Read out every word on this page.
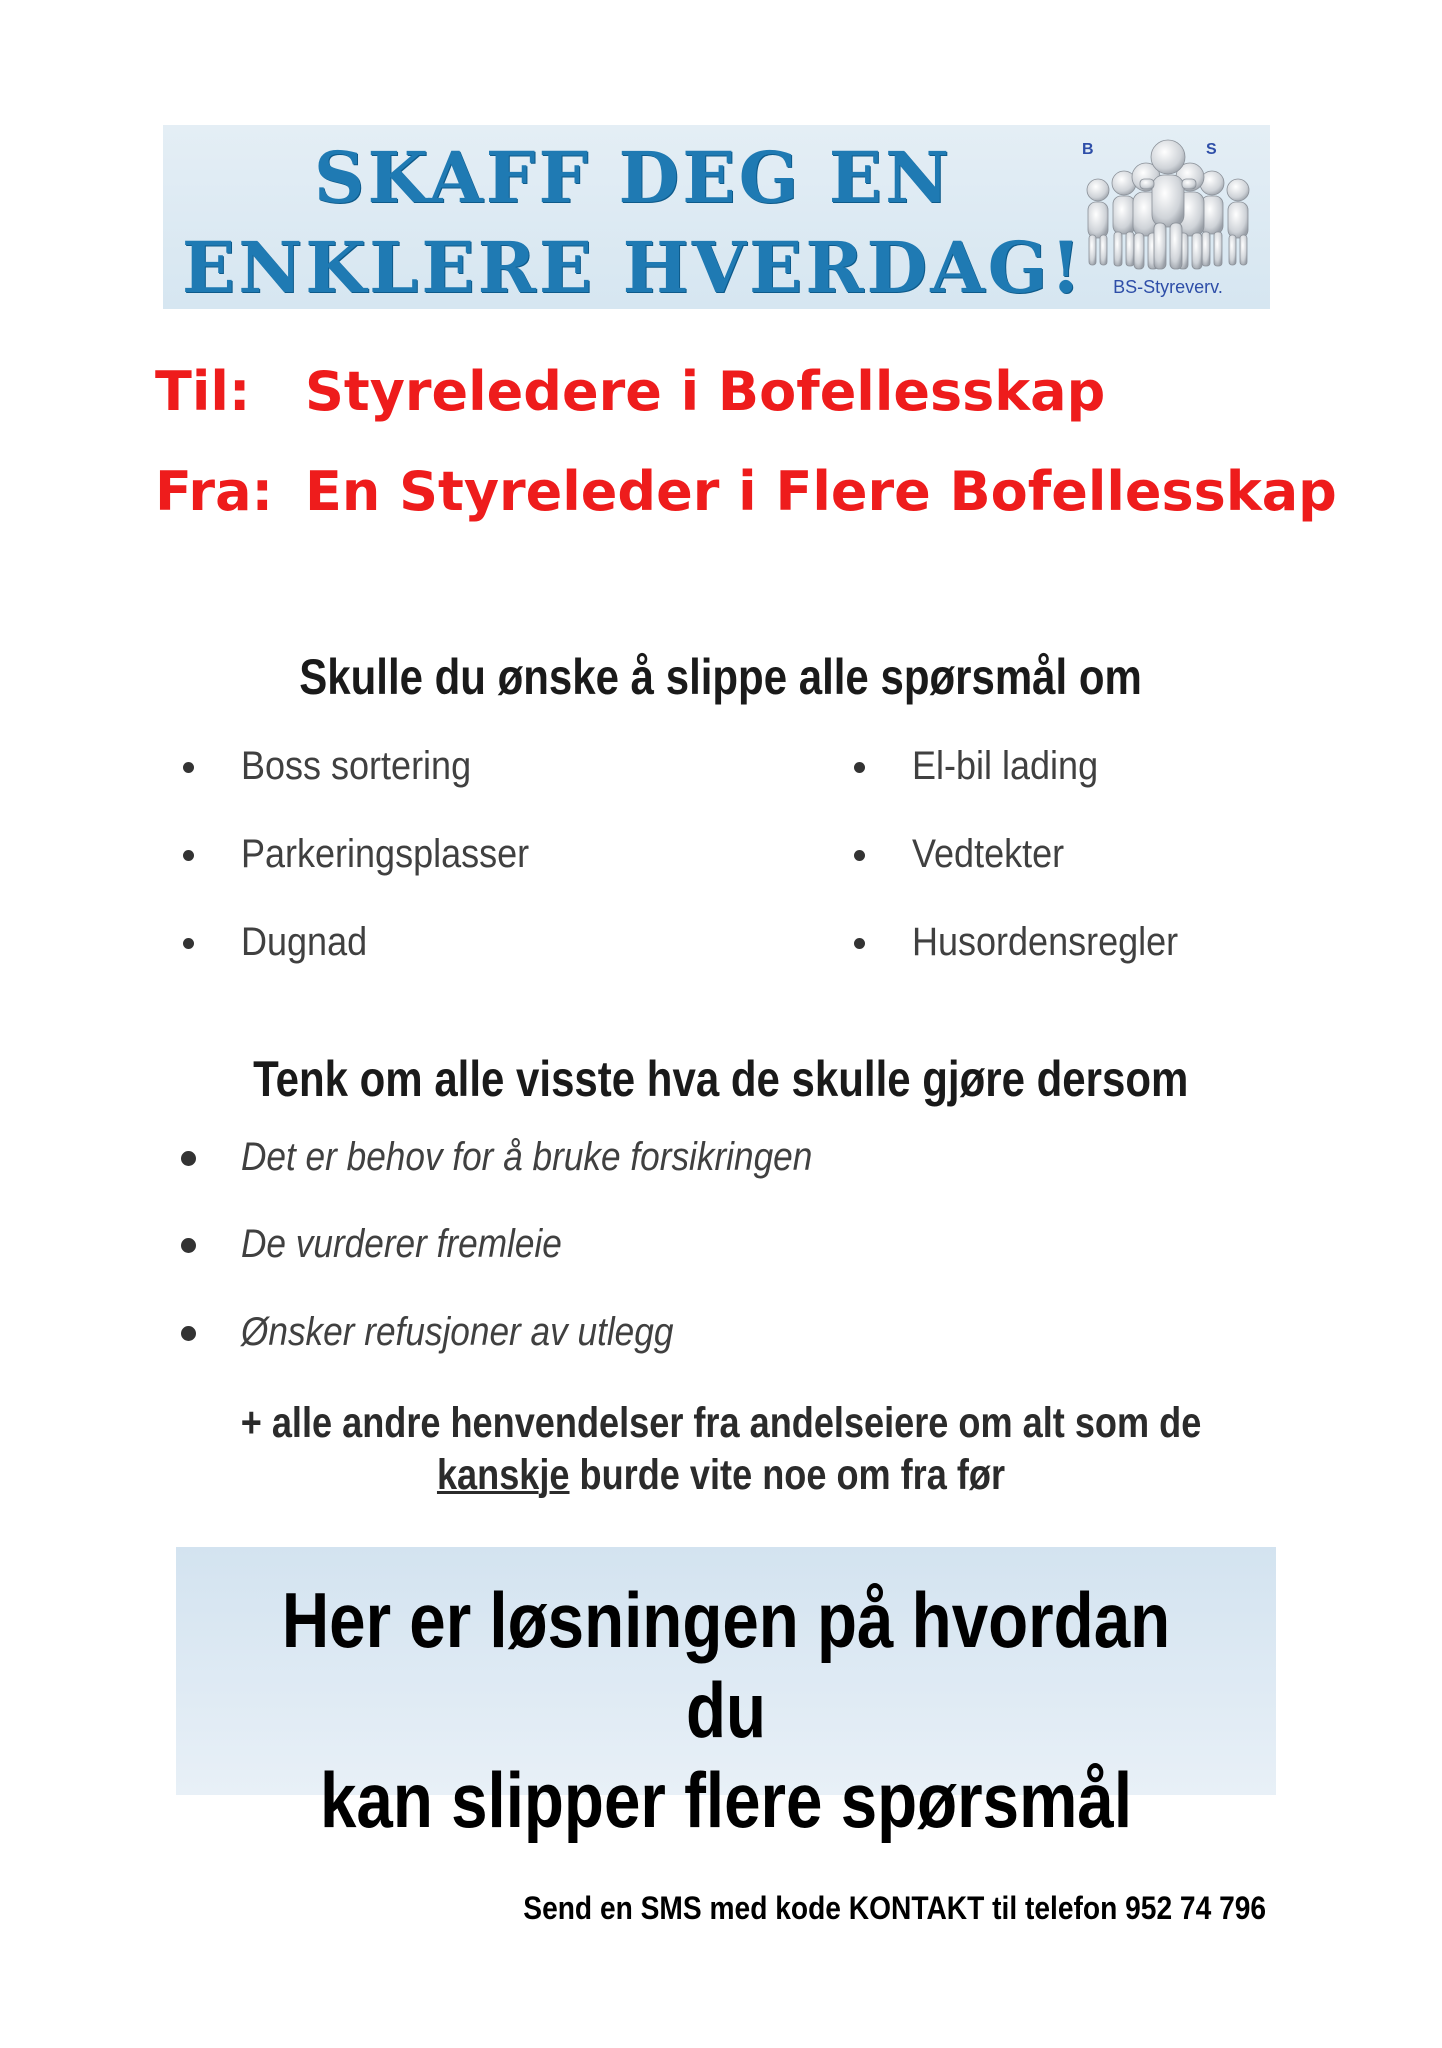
SKAFF DEG EN
ENKLERE HVERDAG!
B	S
BS-Styreverv.
Til: Styreledere i Bofellesskap
Fra: En Styreleder i Flere Bofellesskap
Skulle du ønske å slippe alle spørsmål om
Boss sortering
Parkeringsplasser
Dugnad
El-bil lading
Vedtekter
Husordensregler
Tenk om alle visste hva de skulle gjøre dersom
Det er behov for å bruke forsikringen
De vurderer fremleie
Ønsker refusjoner av utlegg
+ alle andre henvendelser fra andelseiere om alt som de
kanskje burde vite noe om fra før
Her er løsningen på hvordan du
kan slipper flere spørsmål
Send en SMS med kode KONTAKT til telefon 952 74 796
